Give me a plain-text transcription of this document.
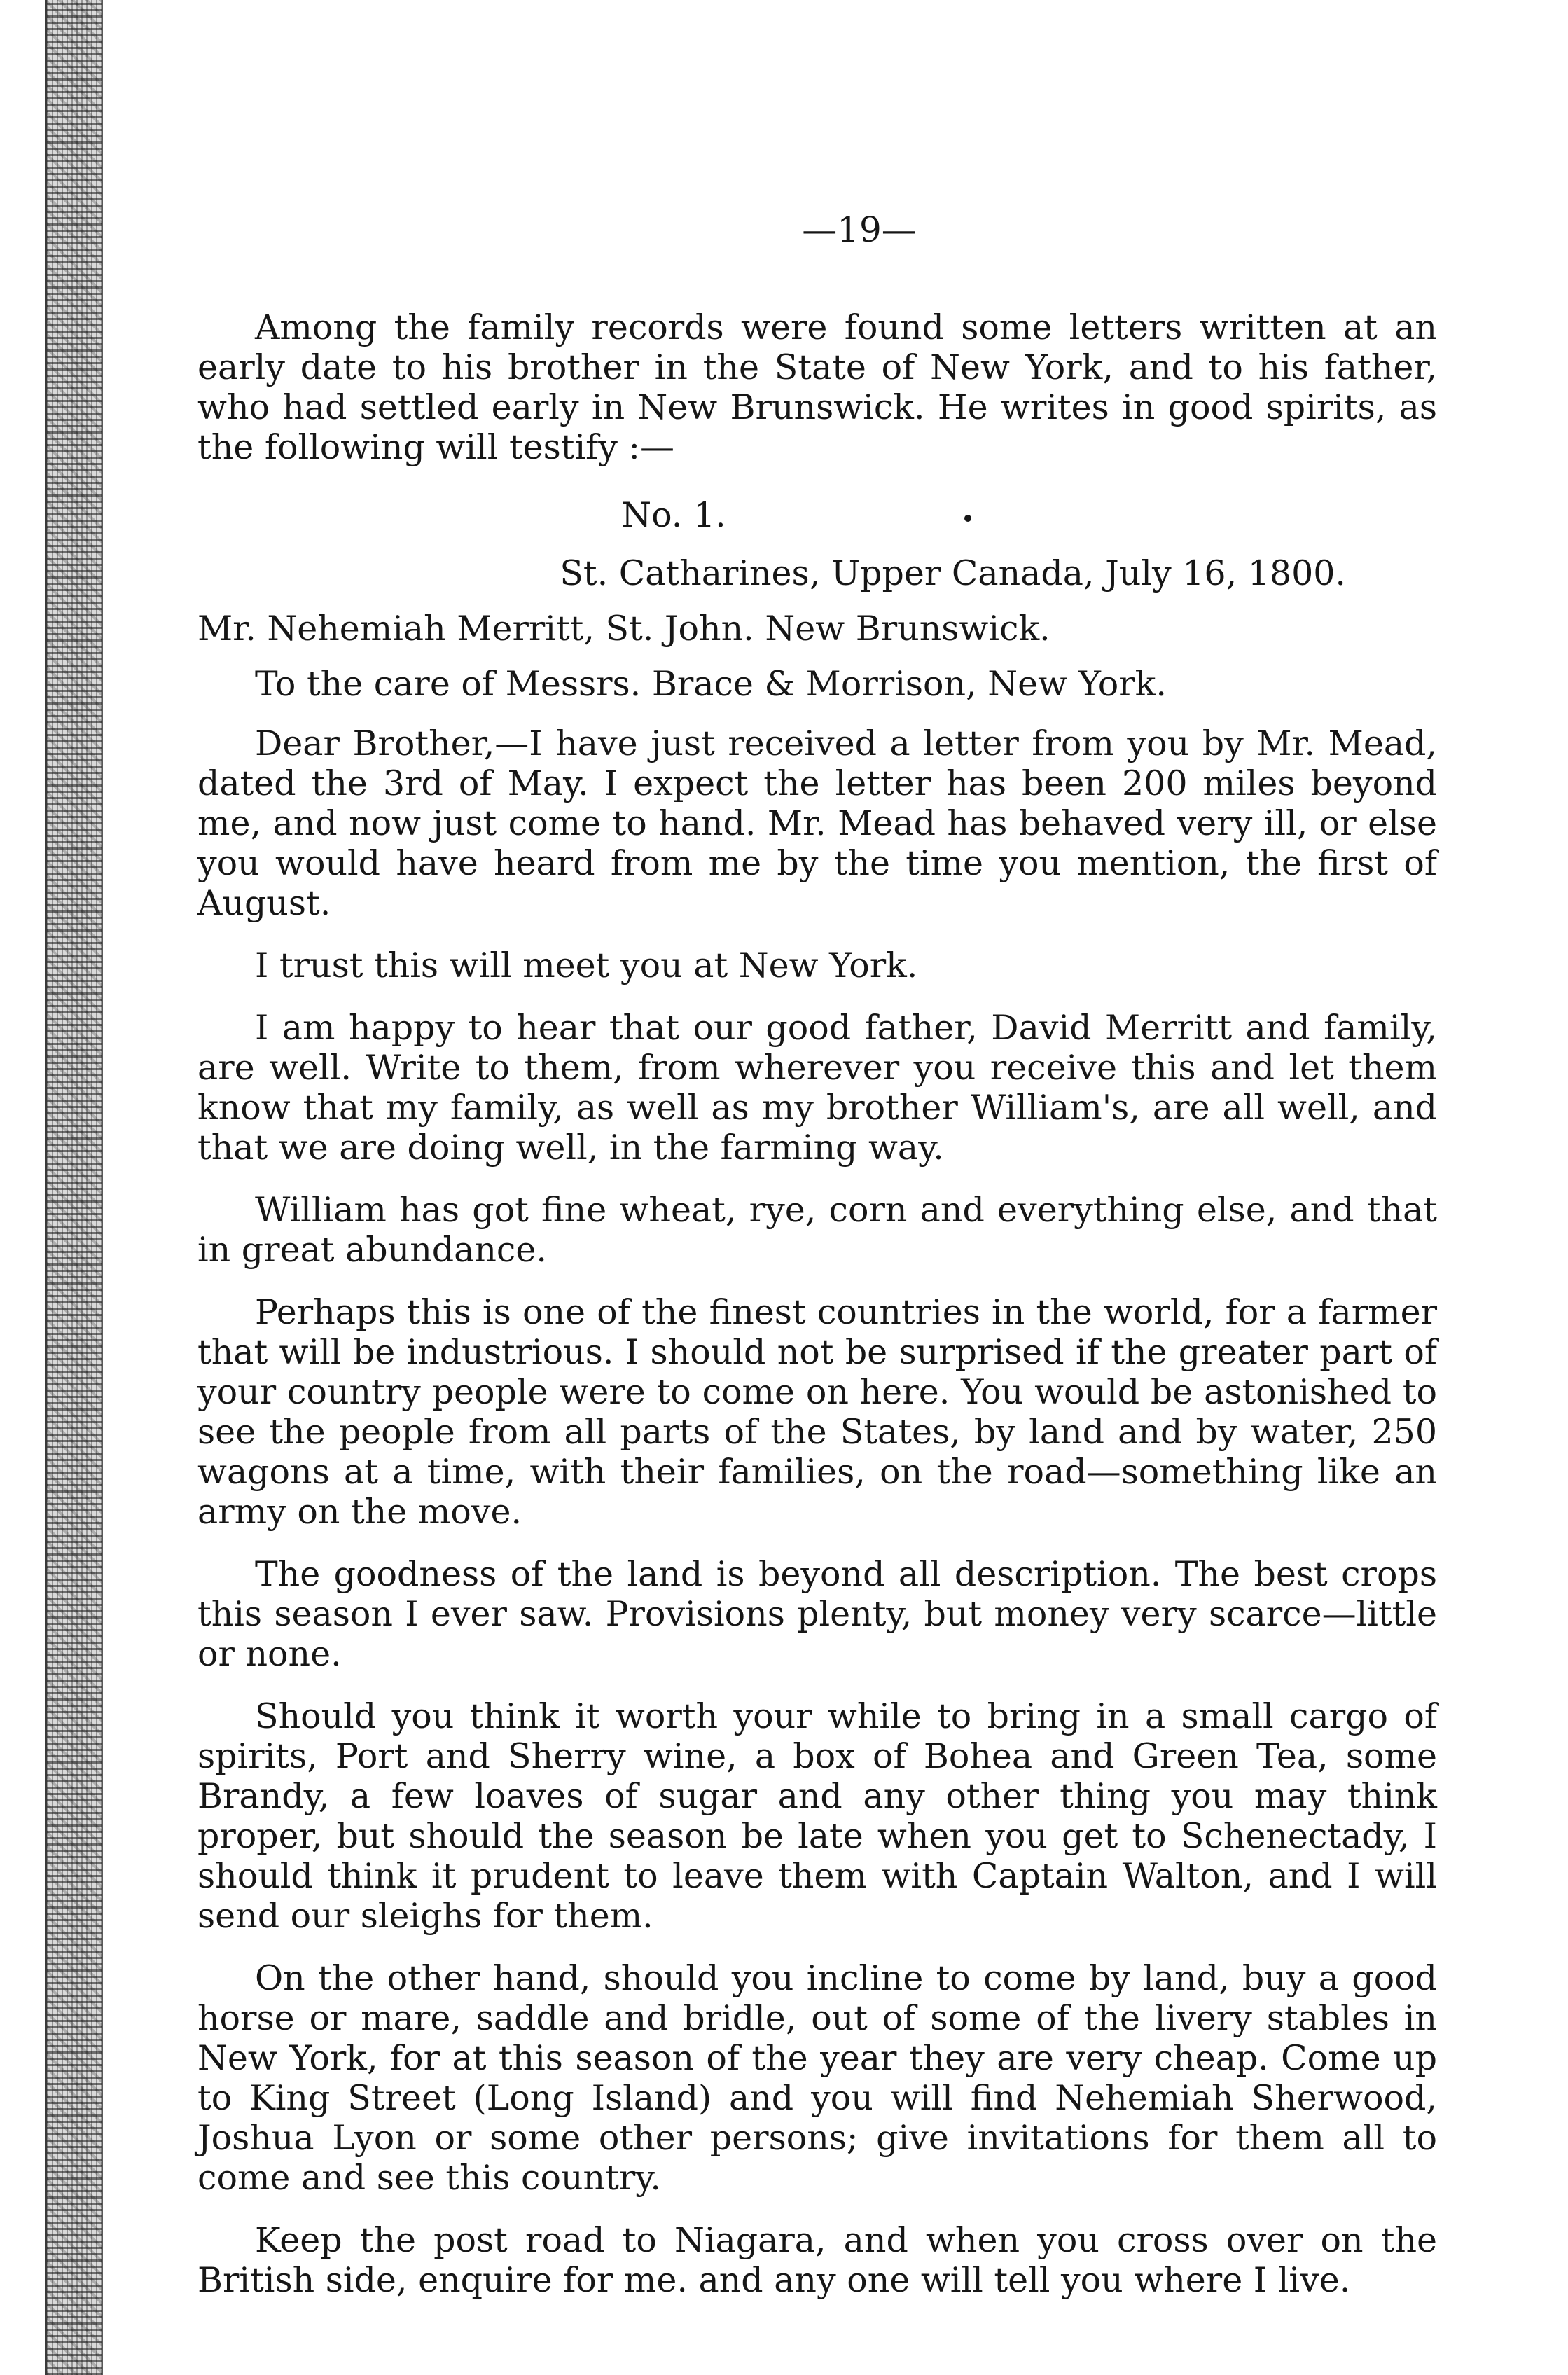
—19—

Among the family records were found some letters written at an early date to his brother in the State of New York, and to his father, who had settled early in New Brunswick. He writes in good spirits, as the following will testify :—

No. 1.
St. Catharines, Upper Canada, July 16, 1800.

Mr. Nehemiah Merritt, St. John. New Brunswick.

To the care of Messrs. Brace & Morrison, New York.

Dear Brother,—I have just received a letter from you by Mr. Mead, dated the 3rd of May. I expect the letter has been 200 miles beyond me, and now just come to hand. Mr. Mead has behaved very ill, or else you would have heard from me by the time you mention, the first of August.

I trust this will meet you at New York.

I am happy to hear that our good father, David Merritt and family, are well. Write to them, from wherever you receive this and let them know that my family, as well as my brother William's, are all well, and that we are doing well, in the farming way.

William has got fine wheat, rye, corn and everything else, and that in great abundance.

Perhaps this is one of the finest countries in the world, for a farmer that will be industrious. I should not be surprised if the greater part of your country people were to come on here. You would be astonished to see the people from all parts of the States, by land and by water, 250 wagons at a time, with their families, on the road—something like an army on the move.

The goodness of the land is beyond all description. The best crops this season I ever saw. Provisions plenty, but money very scarce—little or none.

Should you think it worth your while to bring in a small cargo of spirits, Port and Sherry wine, a box of Bohea and Green Tea, some Brandy, a few loaves of sugar and any other thing you may think proper, but should the season be late when you get to Schenectady, I should think it prudent to leave them with Captain Walton, and I will send our sleighs for them.

On the other hand, should you incline to come by land, buy a good horse or mare, saddle and bridle, out of some of the livery stables in New York, for at this season of the year they are very cheap. Come up to King Street (Long Island) and you will find Nehemiah Sherwood, Joshua Lyon or some other persons; give invitations for them all to come and see this country.

Keep the post road to Niagara, and when you cross over on the British side, enquire for me. and any one will tell you where I live.
